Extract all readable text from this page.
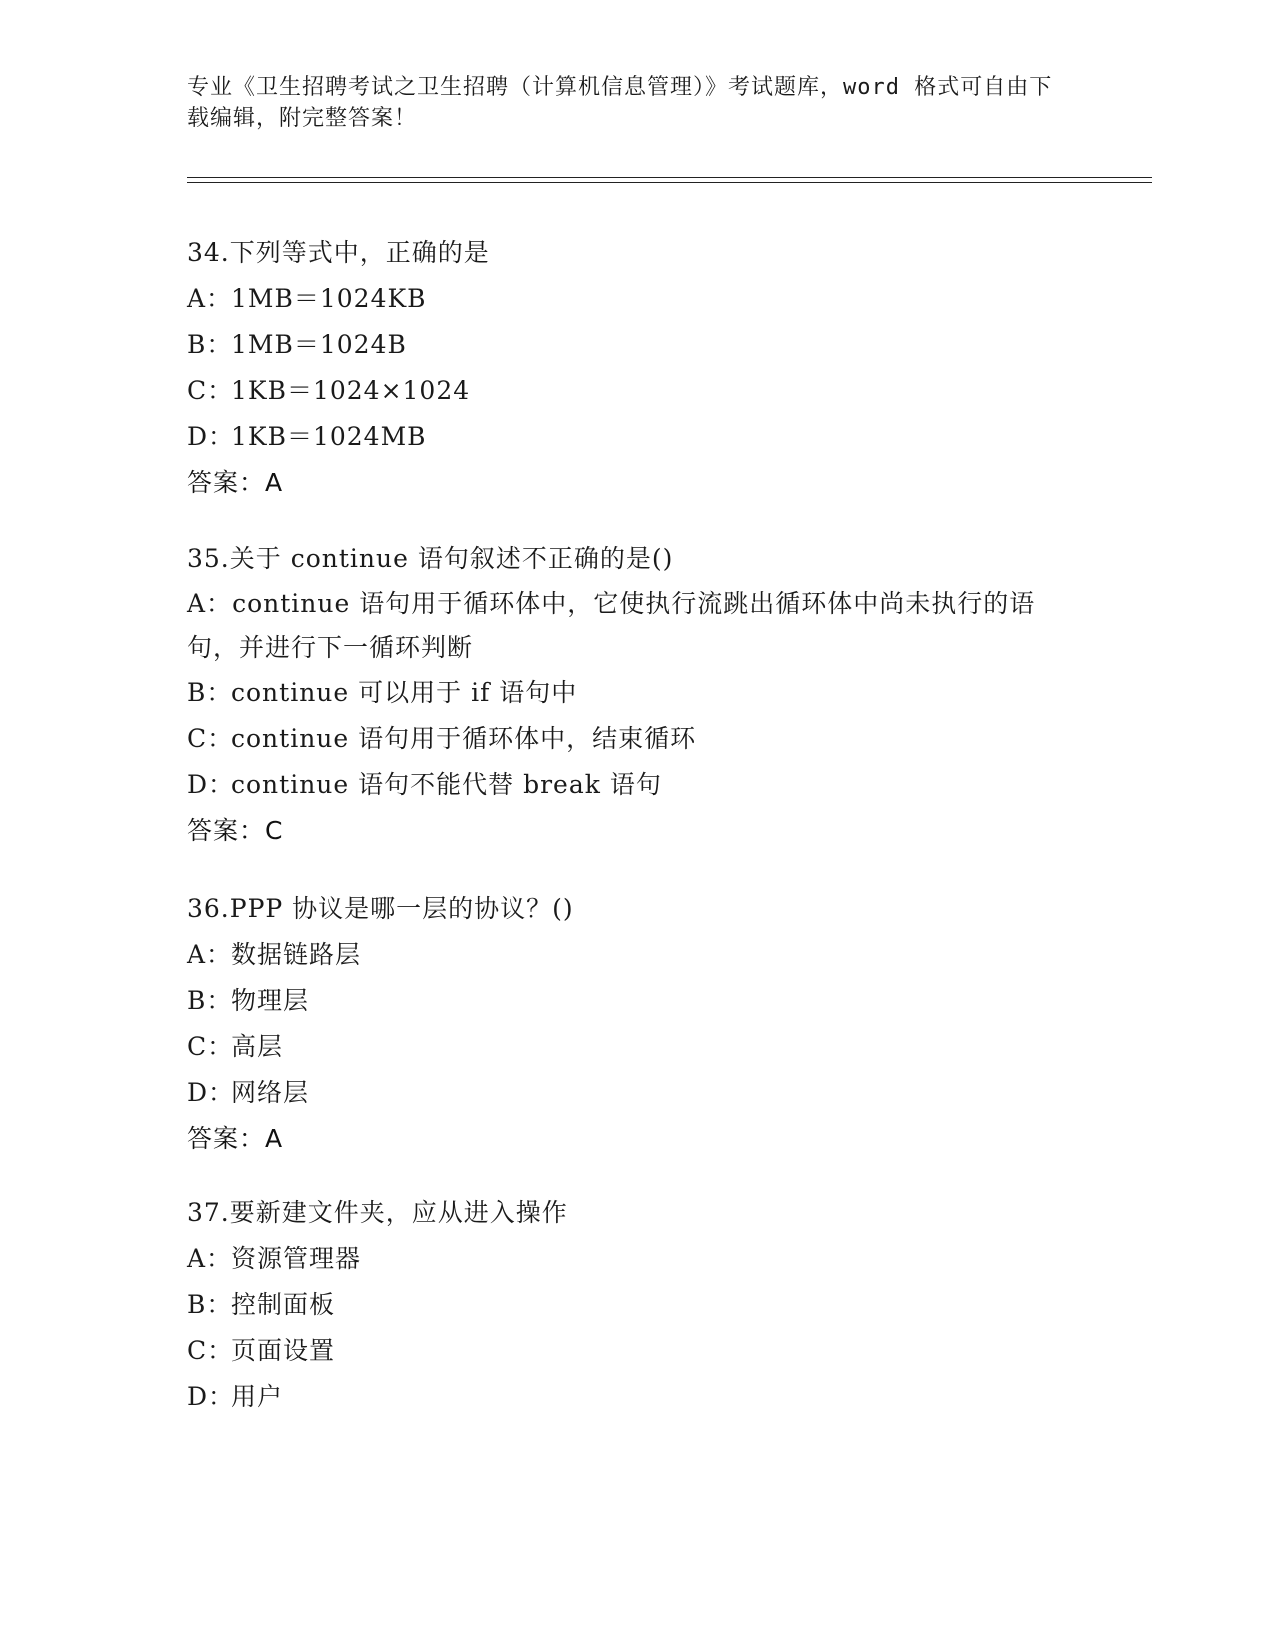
专业《卫生招聘考试之卫生招聘（计算机信息管理）》考试题库，word 格式可自由下载编辑，附完整答案！
34.下列等式中，正确的是
A：1MB＝1024KB
B：1MB＝1024B
C：1KB＝1024×1024
D：1KB＝1024MB
答案：A
35.关于 continue 语句叙述不正确的是()
A：continue 语句用于循环体中，它使执行流跳出循环体中尚未执行的语句，并进行下一循环判断
B：continue 可以用于 if 语句中
C：continue 语句用于循环体中，结束循环
D：continue 语句不能代替 break 语句
答案：C
36.PPP 协议是哪一层的协议？()
A：数据链路层
B：物理层
C：高层
D：网络层
答案：A
37.要新建文件夹，应从进入操作
A：资源管理器
B：控制面板
C：页面设置
D：用户
